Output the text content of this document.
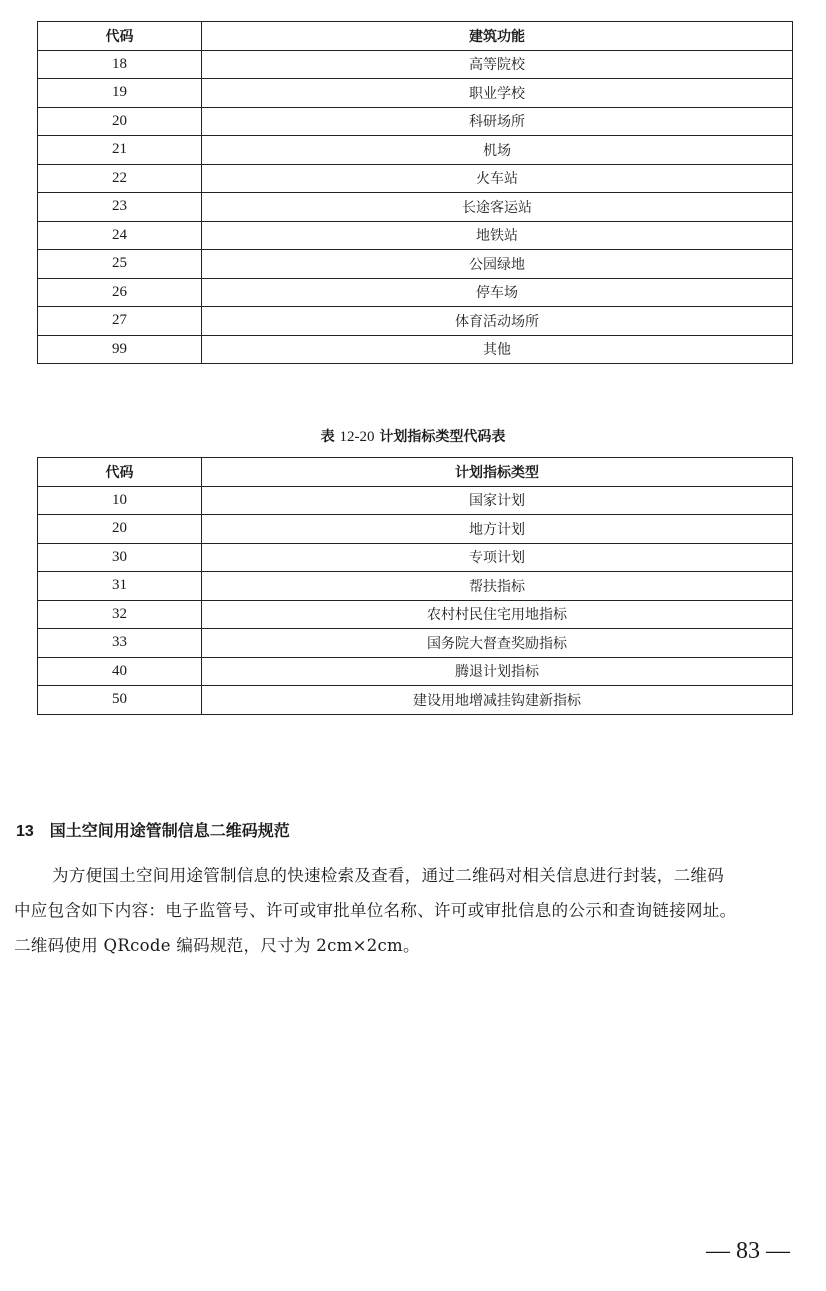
代码	建筑功能
18	高等院校
19	职业学校
20	科研场所
21	机场
22	火车站
23	长途客运站
24	地铁站
25	公园绿地
26	停车场
27	体育活动场所
99	其他
表 12-20 计划指标类型代码表
代码	计划指标类型
10	国家计划
20	地方计划
30	专项计划
31	帮扶指标
32	农村村民住宅用地指标
33	国务院大督查奖励指标
40	腾退计划指标
50	建设用地增减挂钩建新指标
13 国土空间用途管制信息二维码规范
为方便国土空间用途管制信息的快速检索及查看，通过二维码对相关信息进行封装，二维码
中应包含如下内容：电子监管号、许可或审批单位名称、许可或审批信息的公示和查询链接网址。
二维码使用 QRcode 编码规范，尺寸为 2cm×2cm。
— 83 —
